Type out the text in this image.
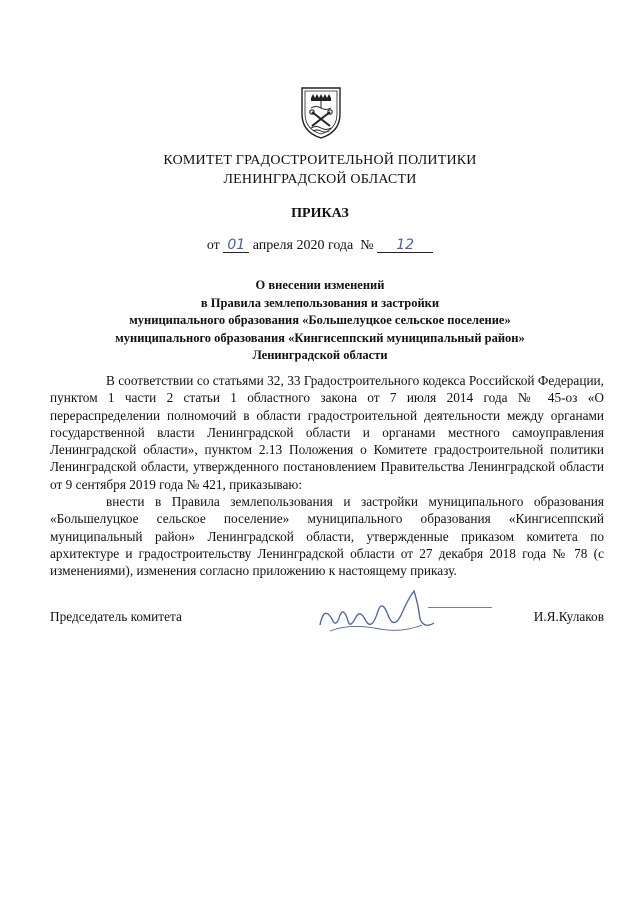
КОМИТЕТ ГРАДОСТРОИТЕЛЬНОЙ ПОЛИТИКИ
ЛЕНИНГРАДСКОЙ ОБЛАСТИ
ПРИКАЗ
от 01 апреля 2020 года № 12
О внесении изменений
в Правила землепользования и застройки
муниципального образования «Большелуцкое сельское поселение»
муниципального образования «Кингисеппский муниципальный район»
Ленинградской области

В соответствии со статьями 32, 33 Градостроительного кодекса Российской Федерации, пунктом 1 части 2 статьи 1 областного закона от 7 июля 2014 года № 45-оз «О перераспределении полномочий в области градостроительной деятельности между органами государственной власти Ленинградской области и органами местного самоуправления Ленинградской области», пунктом 2.13 Положения о Комитете градостроительной политики Ленинградской области, утвержденного постановлением Правительства Ленинградской области от 9 сентября 2019 года № 421, приказываю:

внести в Правила землепользования и застройки муниципального образования «Большелуцкое сельское поселение» муниципального образования «Кингисеппский муниципальный район» Ленинградской области, утвержденные приказом комитета по архитектуре и градостроительству Ленинградской области от 27 декабря 2018 года № 78 (с изменениями), изменения согласно приложению к настоящему приказу.

Председатель комитета	И.Я.Кулаков
